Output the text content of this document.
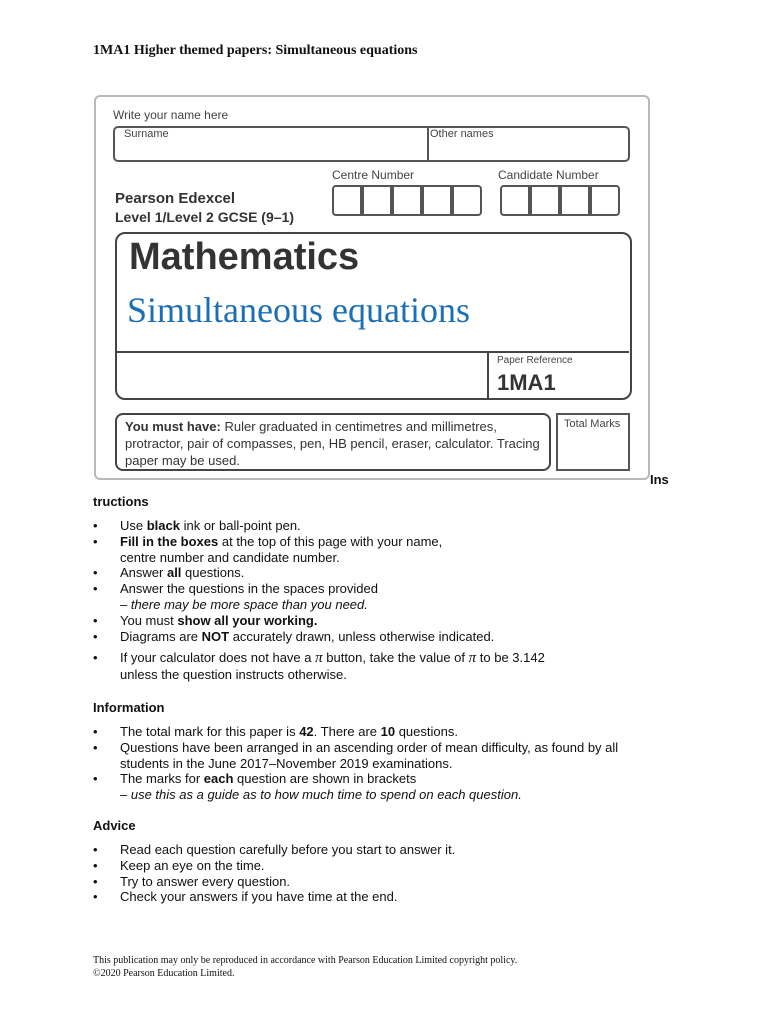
1MA1 Higher themed papers: Simultaneous equations
Write your name here
Surname	Other names
Centre Number	Candidate Number
Pearson Edexcel
Level 1/Level 2 GCSE (9–1)
Mathematics
Simultaneous equations
Paper Reference
1MA1
You must have: Ruler graduated in centimetres and millimetres, protractor, pair of compasses, pen, HB pencil, eraser, calculator. Tracing paper may be used.
Total Marks
Ins
tructions
• Use black ink or ball-point pen.
• Fill in the boxes at the top of this page with your name,
centre number and candidate number.
• Answer all questions.
• Answer the questions in the spaces provided
– there may be more space than you need.
• You must show all your working.
• Diagrams are NOT accurately drawn, unless otherwise indicated.
• If your calculator does not have a π button, take the value of π to be 3.142
unless the question instructs otherwise.
Information
• The total mark for this paper is 42. There are 10 questions.
• Questions have been arranged in an ascending order of mean difficulty, as found by all
students in the June 2017–November 2019 examinations.
• The marks for each question are shown in brackets
– use this as a guide as to how much time to spend on each question.
Advice
• Read each question carefully before you start to answer it.
• Keep an eye on the time.
• Try to answer every question.
• Check your answers if you have time at the end.
This publication may only be reproduced in accordance with Pearson Education Limited copyright policy.
©2020 Pearson Education Limited.
